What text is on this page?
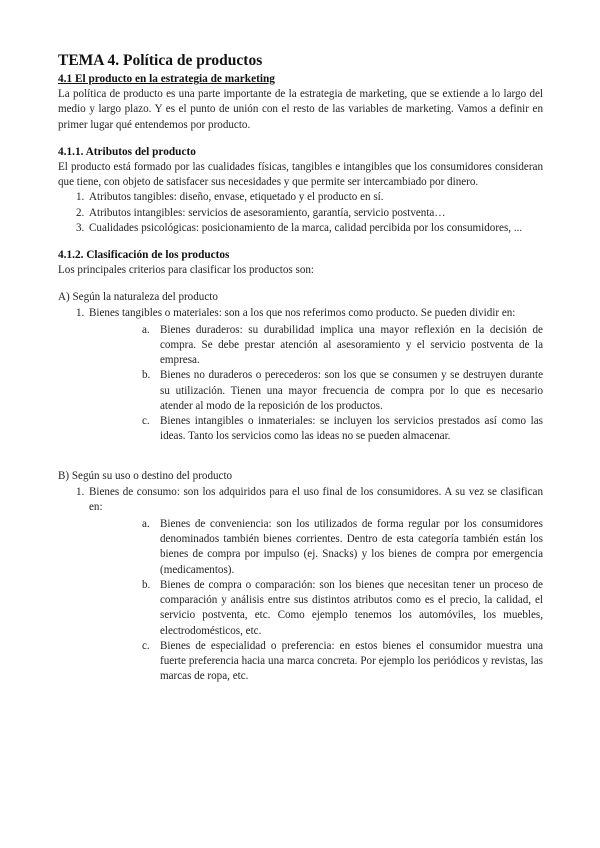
TEMA 4. Política de productos
4.1 El producto en la estrategia de marketing

La política de producto es una parte importante de la estrategia de marketing, que se extiende a lo largo del medio y largo plazo. Y es el punto de unión con el resto de las variables de marketing. Vamos a definir en primer lugar qué entendemos por producto.

4.1.1. Atributos del producto

El producto está formado por las cualidades físicas, tangibles e intangibles que los consumidores consideran que tiene, con objeto de satisfacer sus necesidades y que permite ser intercambiado por dinero.

1. Atributos tangibles: diseño, envase, etiquetado y el producto en sí.
2. Atributos intangibles: servicios de asesoramiento, garantía, servicio postventa…
3. Cualidades psicológicas: posicionamiento de la marca, calidad percibida por los consumidores, ...
4.1.2. Clasificación de los productos

Los principales criterios para clasificar los productos son:

A) Según la naturaleza del producto

1. Bienes tangibles o materiales: son a los que nos referimos como producto. Se pueden dividir en:
a. Bienes duraderos: su durabilidad implica una mayor reflexión en la decisión de compra. Se debe prestar atención al asesoramiento y el servicio postventa de la empresa.
b. Bienes no duraderos o perecederos: son los que se consumen y se destruyen durante su utilización. Tienen una mayor frecuencia de compra por lo que es necesario atender al modo de la reposición de los productos.
c. Bienes intangibles o inmateriales: se incluyen los servicios prestados así como las ideas. Tanto los servicios como las ideas no se pueden almacenar.

B) Según su uso o destino del producto

1. Bienes de consumo: son los adquiridos para el uso final de los consumidores. A su vez se clasifican en:
a. Bienes de conveniencia: son los utilizados de forma regular por los consumidores denominados también bienes corrientes. Dentro de esta categoría también están los bienes de compra por impulso (ej. Snacks) y los bienes de compra por emergencia (medicamentos).
b. Bienes de compra o comparación: son los bienes que necesitan tener un proceso de comparación y análisis entre sus distintos atributos como es el precio, la calidad, el servicio postventa, etc. Como ejemplo tenemos los automóviles, los muebles, electrodomésticos, etc.
c. Bienes de especialidad o preferencia: en estos bienes el consumidor muestra una fuerte preferencia hacia una marca concreta. Por ejemplo los periódicos y revistas, las marcas de ropa, etc.
